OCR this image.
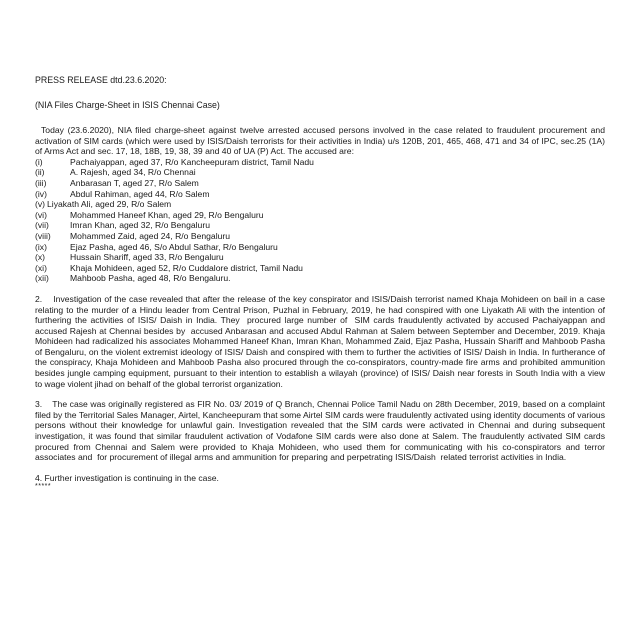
PRESS RELEASE dtd.23.6.2020:

(NIA Files Charge-Sheet in ISIS Chennai Case)

Today (23.6.2020), NIA filed charge-sheet against twelve arrested accused persons involved in the case related to fraudulent procurement and activation of SIM cards (which were used by ISIS/Daish terrorists for their activities in India) u/s 120B, 201, 465, 468, 471 and 34 of IPC, sec.25 (1A) of Arms Act and sec. 17, 18, 18B, 19, 38, 39 and 40 of UA (P) Act. The accused are:

(i)	Pachaiyappan, aged 37, R/o Kancheepuram district, Tamil Nadu
(ii)	A. Rajesh, aged 34, R/o Chennai
(iii)	Anbarasan T, aged 27, R/o Salem
(iv)	Abdul Rahiman, aged 44, R/o Salem
(v) Liyakath Ali, aged 29, R/o Salem
(vi)	Mohammed Haneef Khan, aged 29, R/o Bengaluru
(vii)	Imran Khan, aged 32, R/o Bengaluru
(viii)	Mohammed Zaid, aged 24, R/o Bengaluru
(ix)	Ejaz Pasha, aged 46, S/o Abdul Sathar, R/o Bengaluru
(x)	Hussain Shariff, aged 33, R/o Bengaluru
(xi)	Khaja Mohideen, aged 52, R/o Cuddalore district, Tamil Nadu
(xii)	Mahboob Pasha, aged 48, R/o Bengaluru.

2.    Investigation of the case revealed that after the release of the key conspirator and ISIS/Daish terrorist named Khaja Mohideen on bail in a case relating to the murder of a Hindu leader from Central Prison, Puzhal in February, 2019, he had conspired with one Liyakath Ali with the intention of furthering the activities of ISIS/ Daish in India. They  procured large number of  SIM cards fraudulently activated by accused Pachaiyappan and accused Rajesh at Chennai besides by  accused Anbarasan and accused Abdul Rahman at Salem between September and December, 2019. Khaja Mohideen had radicalized his associates Mohammed Haneef Khan, Imran Khan, Mohammed Zaid, Ejaz Pasha, Hussain Shariff and Mahboob Pasha of Bengaluru, on the violent extremist ideology of ISIS/ Daish and conspired with them to further the activities of ISIS/ Daish in India. In furtherance of the conspiracy, Khaja Mohideen and Mahboob Pasha also procured through the co-conspirators, country-made fire arms and prohibited ammunition besides jungle camping equipment, pursuant to their intention to establish a wilayah (province) of ISIS/ Daish near forests in South India with a view to wage violent jihad on behalf of the global terrorist organization.

3.    The case was originally registered as FIR No. 03/ 2019 of Q Branch, Chennai Police Tamil Nadu on 28th December, 2019, based on a complaint filed by the Territorial Sales Manager, Airtel, Kancheepuram that some Airtel SIM cards were fraudulently activated using identity documents of various persons without their knowledge for unlawful gain. Investigation revealed that the SIM cards were activated in Chennai and during subsequent investigation, it was found that similar fraudulent activation of Vodafone SIM cards were also done at Salem. The fraudulently activated SIM cards procured from Chennai and Salem were provided to Khaja Mohideen, who used them for communicating with his co-conspirators and terror associates and  for procurement of illegal arms and ammunition for preparing and perpetrating ISIS/Daish  related terrorist activities in India.

4. Further investigation is continuing in the case.

*****
